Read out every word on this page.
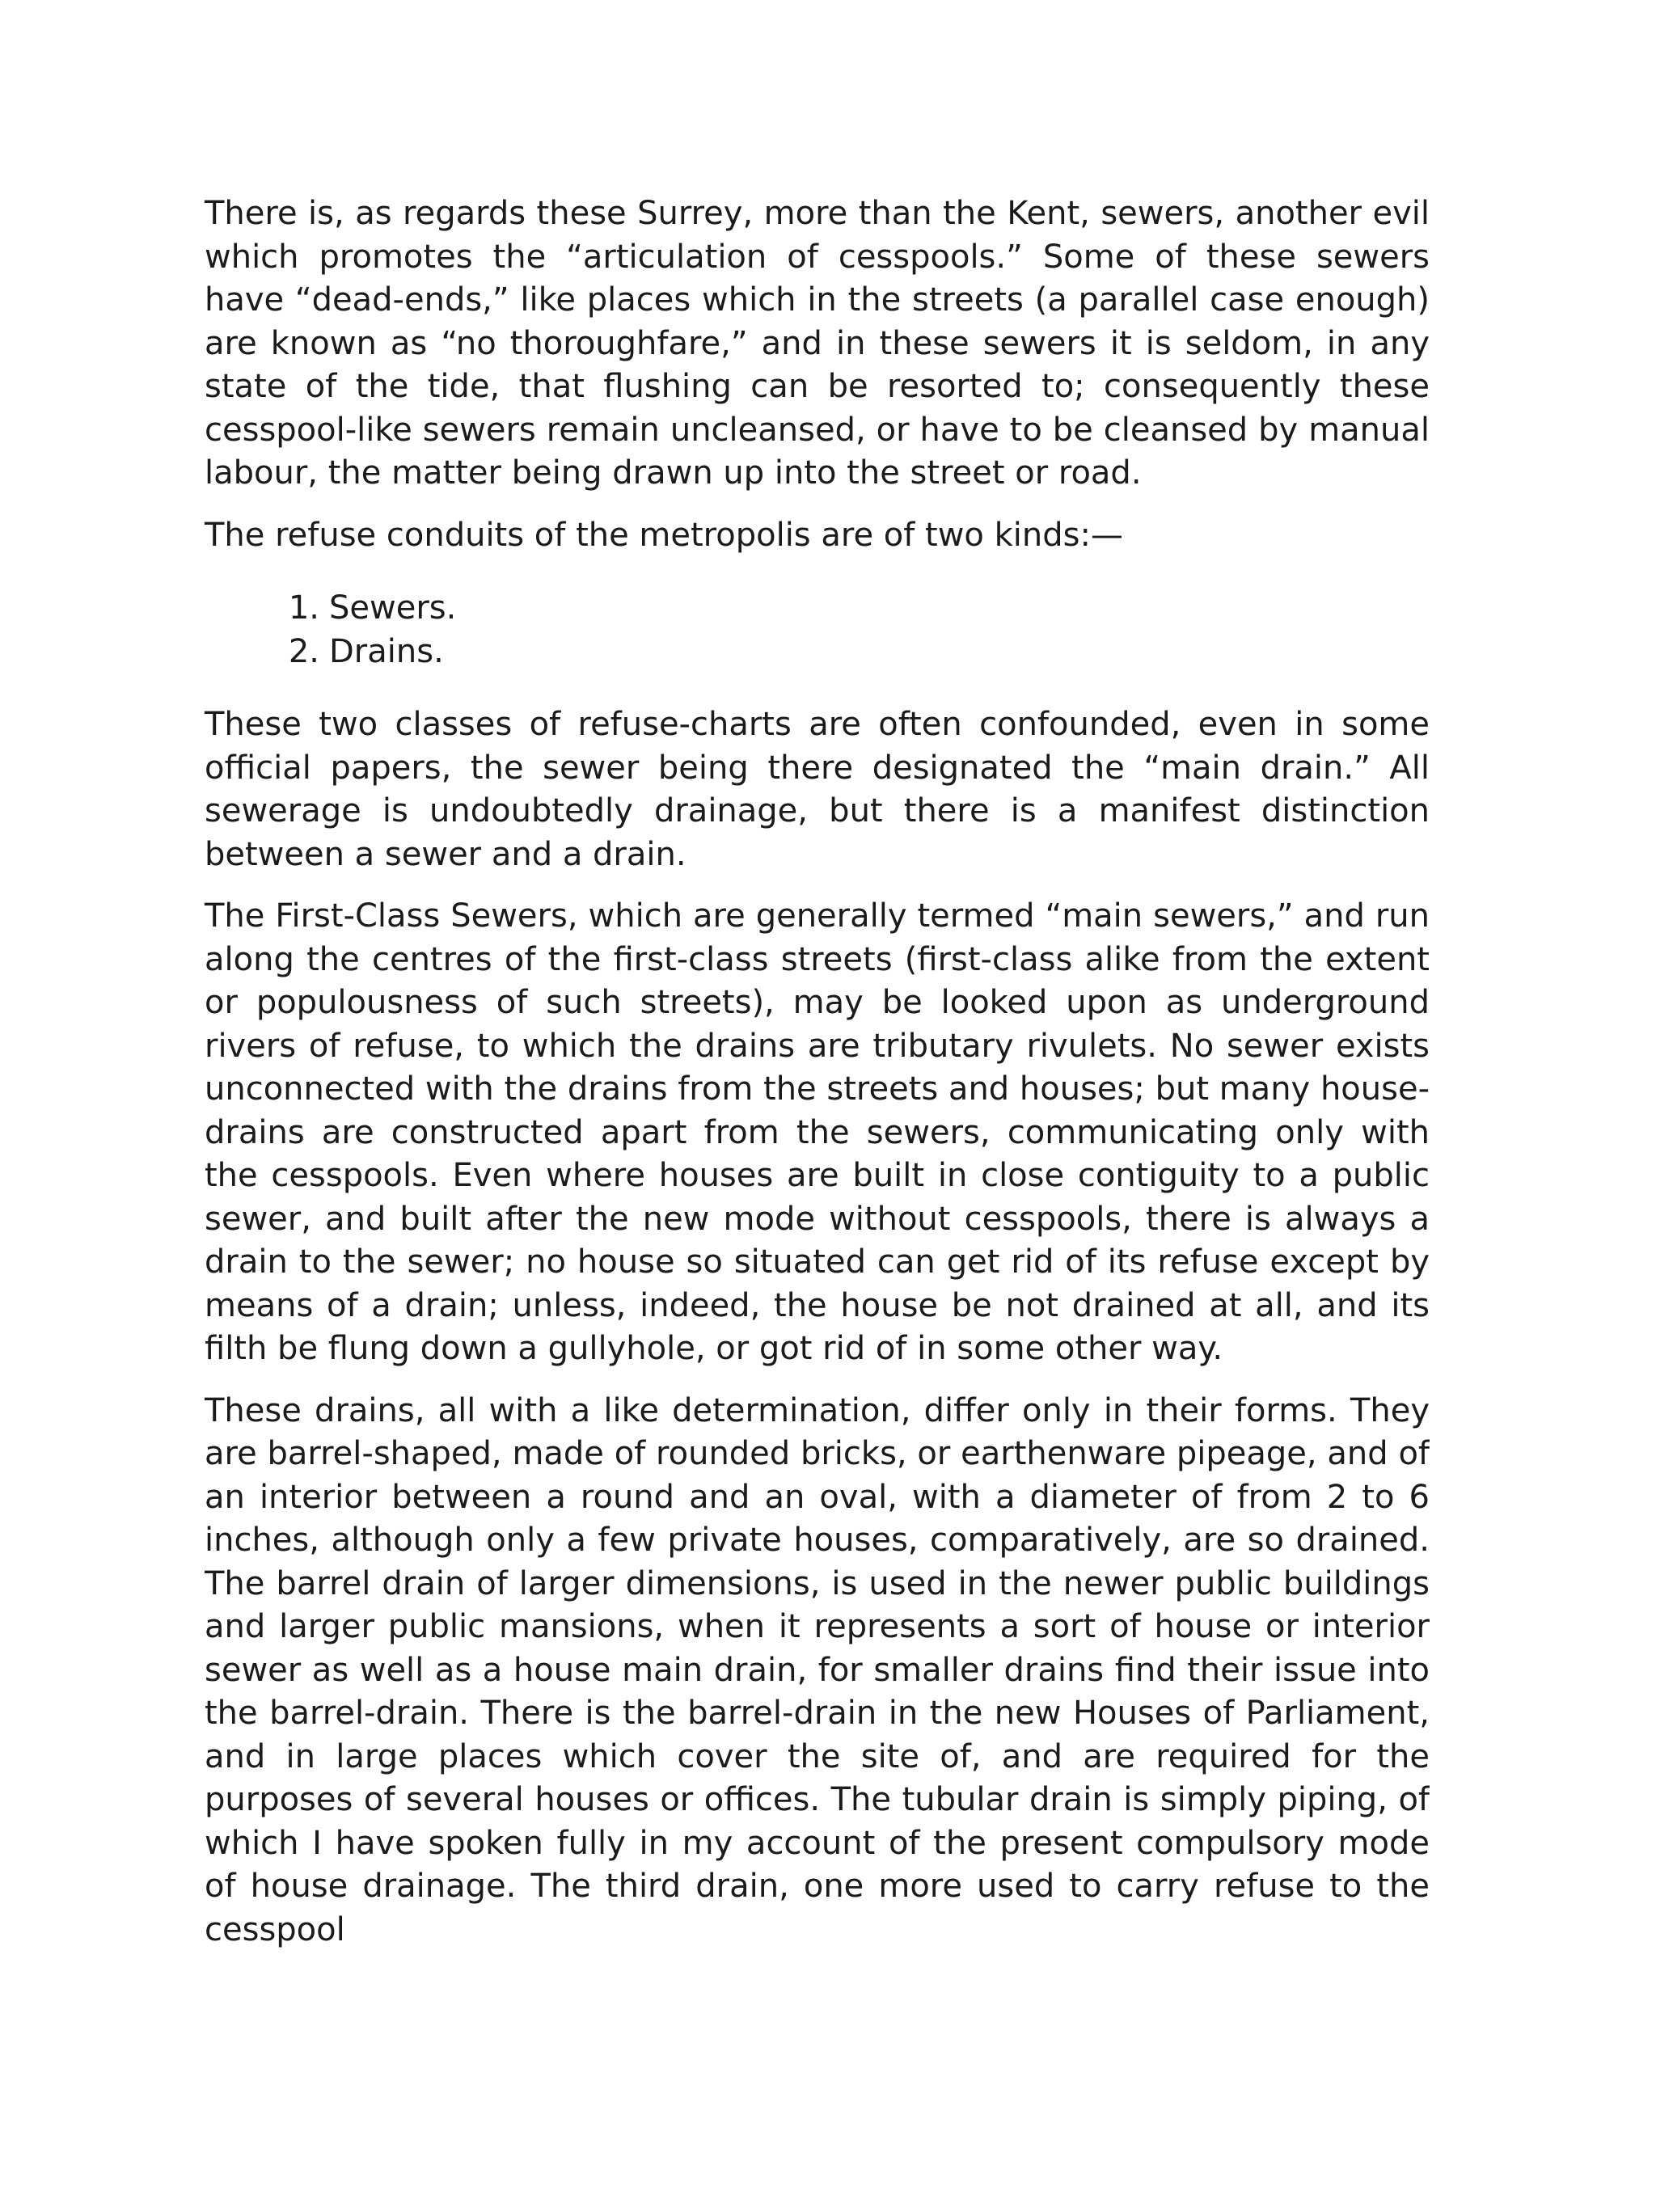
There is, as regards these Surrey, more than the Kent, sewers, another evil which promotes the “articulation of cesspools.” Some of these sewers have “dead-ends,” like places which in the streets (a parallel case enough) are known as “no thoroughfare,” and in these sewers it is seldom, in any state of the tide, that flushing can be resorted to; consequently these cesspool-like sewers remain uncleansed, or have to be cleansed by manual labour, the matter being drawn up into the street or road.

The refuse conduits of the metropolis are of two kinds:—

1. Sewers.
2. Drains.

These two classes of refuse-charts are often confounded, even in some official papers, the sewer being there designated the “main drain.” All sewerage is undoubtedly drainage, but there is a manifest distinction between a sewer and a drain.

The First-Class Sewers, which are generally termed “main sewers,” and run along the centres of the first-class streets (first-class alike from the extent or populousness of such streets), may be looked upon as underground rivers of refuse, to which the drains are tributary rivulets. No sewer exists unconnected with the drains from the streets and houses; but many house-drains are constructed apart from the sewers, communicating only with the cesspools. Even where houses are built in close contiguity to a public sewer, and built after the new mode without cesspools, there is always a drain to the sewer; no house so situated can get rid of its refuse except by means of a drain; unless, indeed, the house be not drained at all, and its filth be flung down a gullyhole, or got rid of in some other way.

These drains, all with a like determination, differ only in their forms. They are barrel-shaped, made of rounded bricks, or earthenware pipeage, and of an interior between a round and an oval, with a diameter of from 2 to 6 inches, although only a few private houses, comparatively, are so drained. The barrel drain of larger dimensions, is used in the newer public buildings and larger public mansions, when it represents a sort of house or interior sewer as well as a house main drain, for smaller drains find their issue into the barrel-drain. There is the barrel-drain in the new Houses of Parliament, and in large places which cover the site of, and are required for the purposes of several houses or offices. The tubular drain is simply piping, of which I have spoken fully in my account of the present compulsory mode of house drainage. The third drain, one more used to carry refuse to the cesspool
